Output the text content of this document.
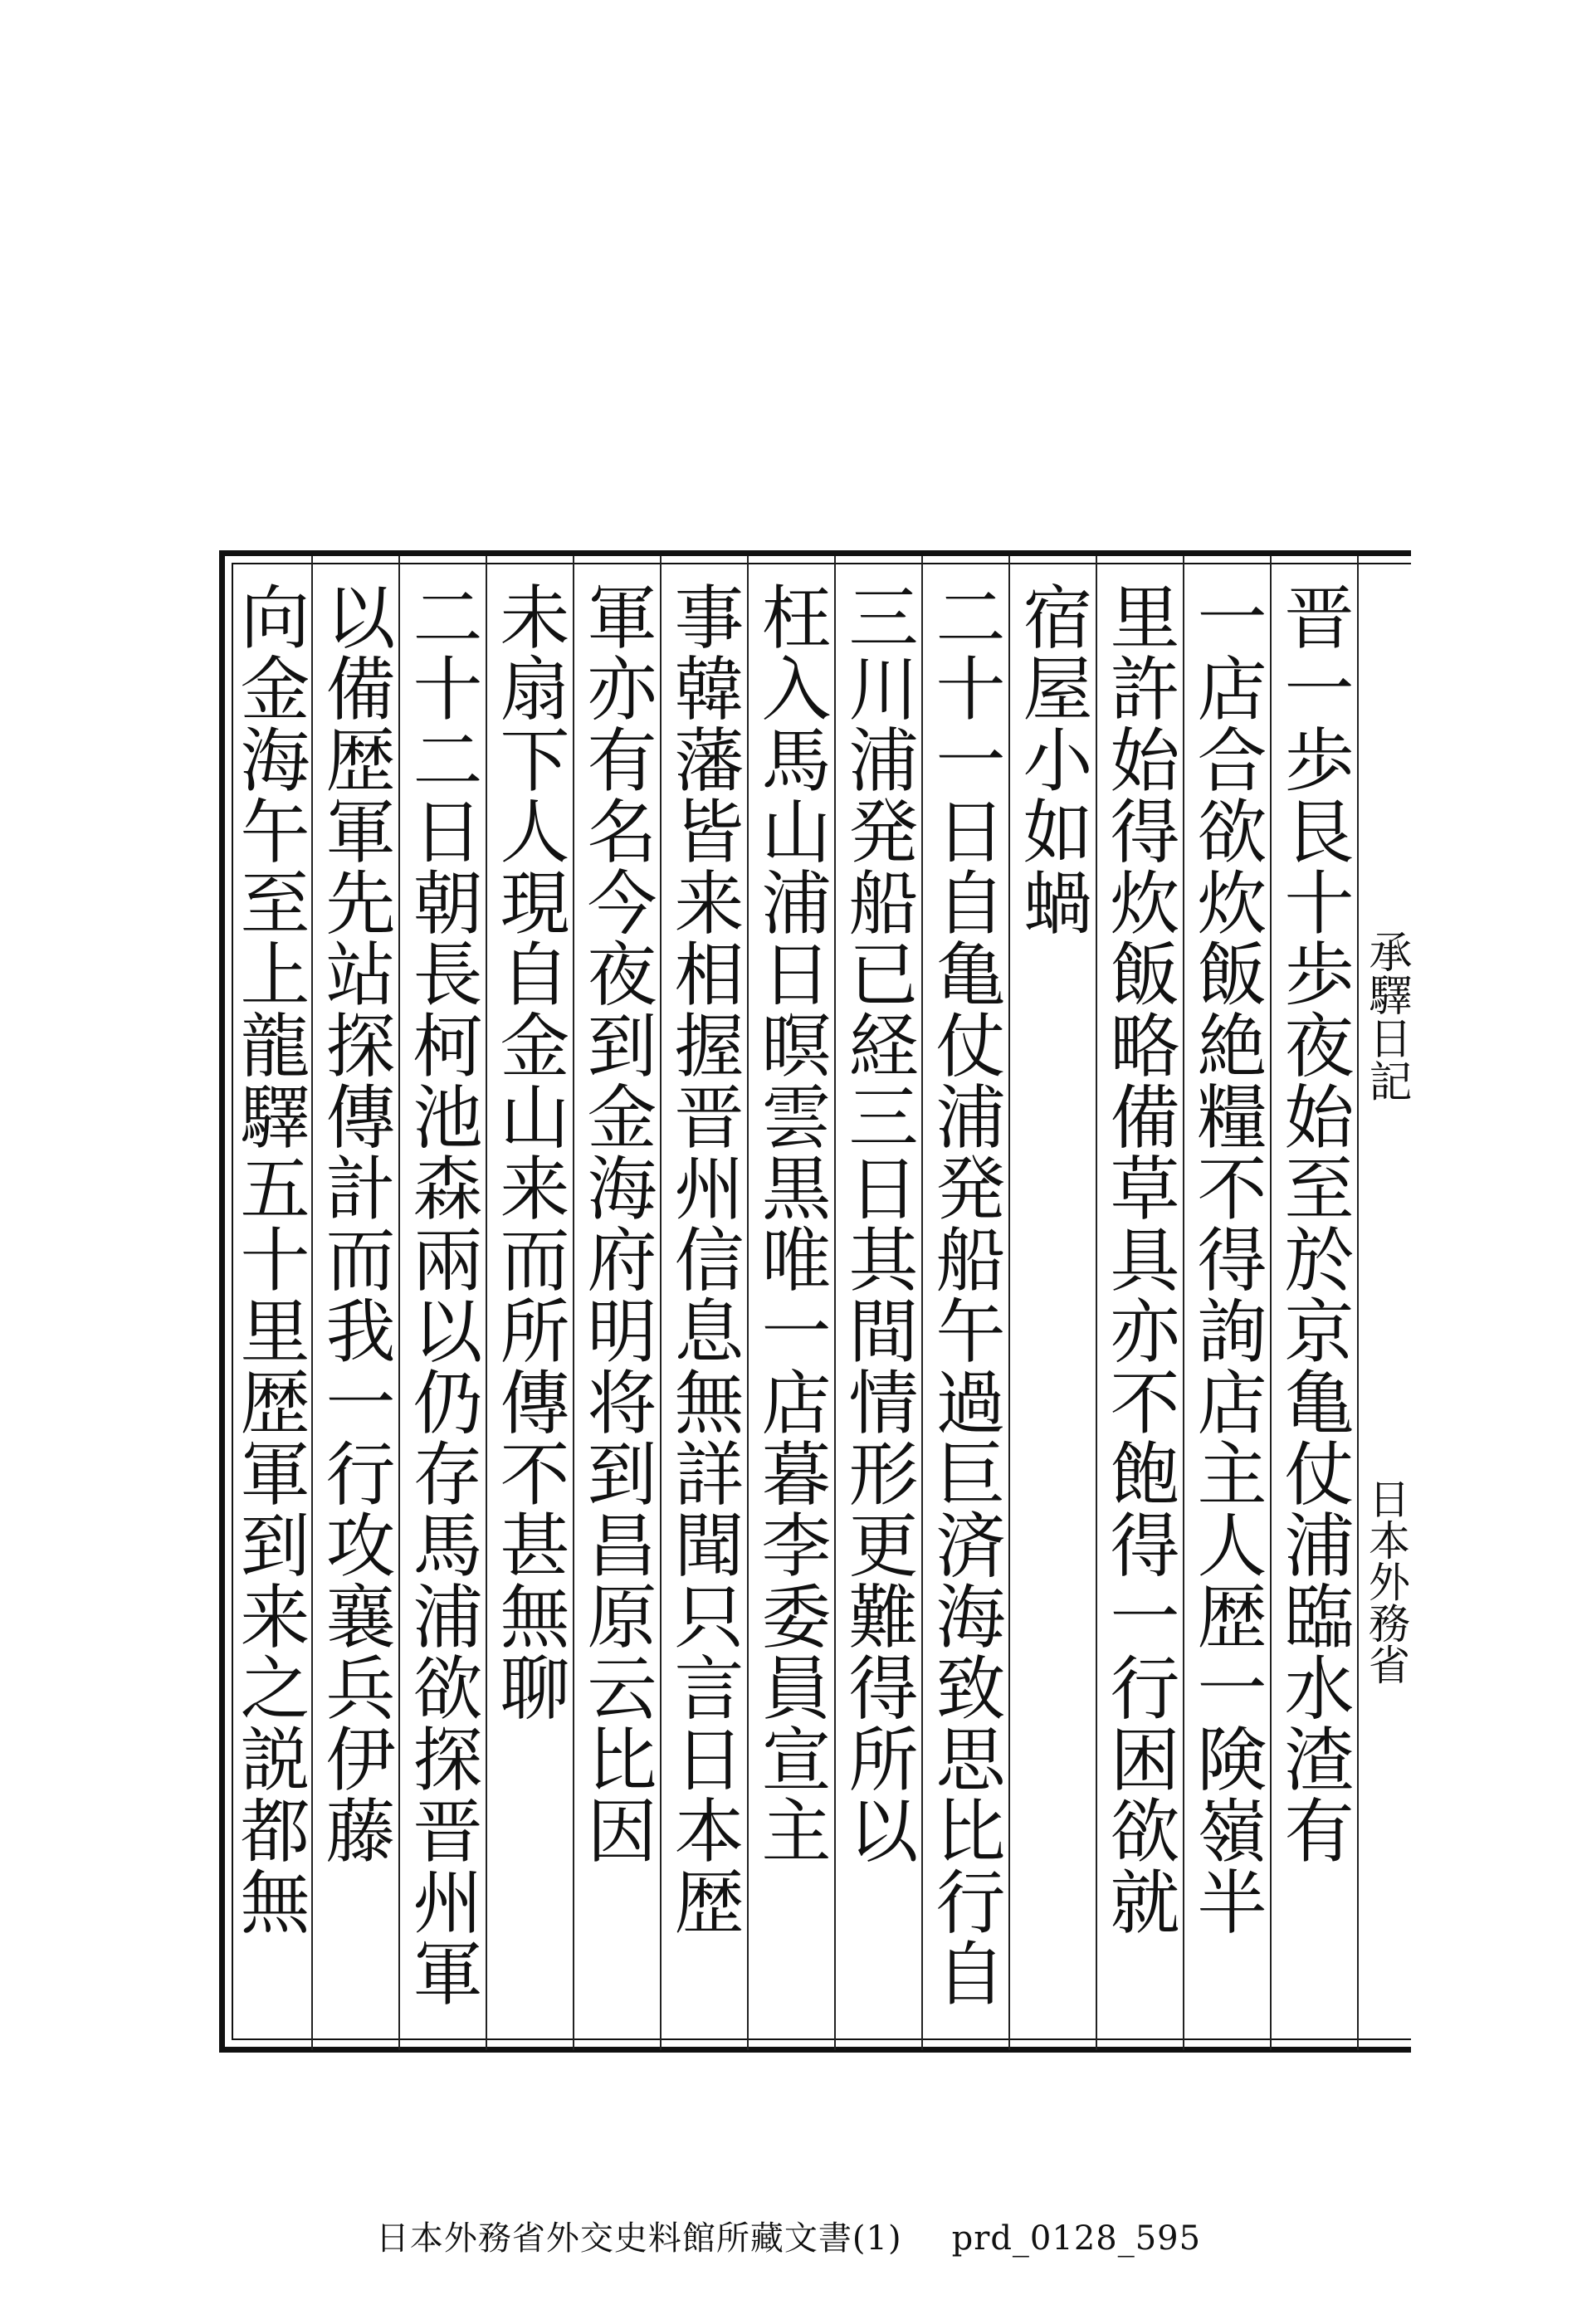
承驛日記
日本外務省
晋一歩艮十歩夜始至於京亀仗浦臨水渣有
一店合欲炊飯絶糧不得詢店主人歴一険嶺半
里許始得炊飯略備草具亦不飽得一行困欲就
宿屋小如蝸
二十一日自亀仗浦発船午過巨済海致思比行自
三川浦発船已経三日其間情形更難得所以
枉入馬山浦日暝雲黒唯一店暮李委員宣主
事韓藩皆来相握晋州信息無詳聞只言日本歴
軍亦有名今夜到金海府明将到昌原云比因
未扇下人現自金山来而所傳不甚無聊
二十二日朝長柯池森兩以仍存馬浦欲探晋州軍
以備歴軍先站探傳計而我一行攻襄兵伊藤
向金海午至上龍驛五十里歴軍到来之説都無
日本外務省外交史料館所藏文書(1) prd_0128_595
